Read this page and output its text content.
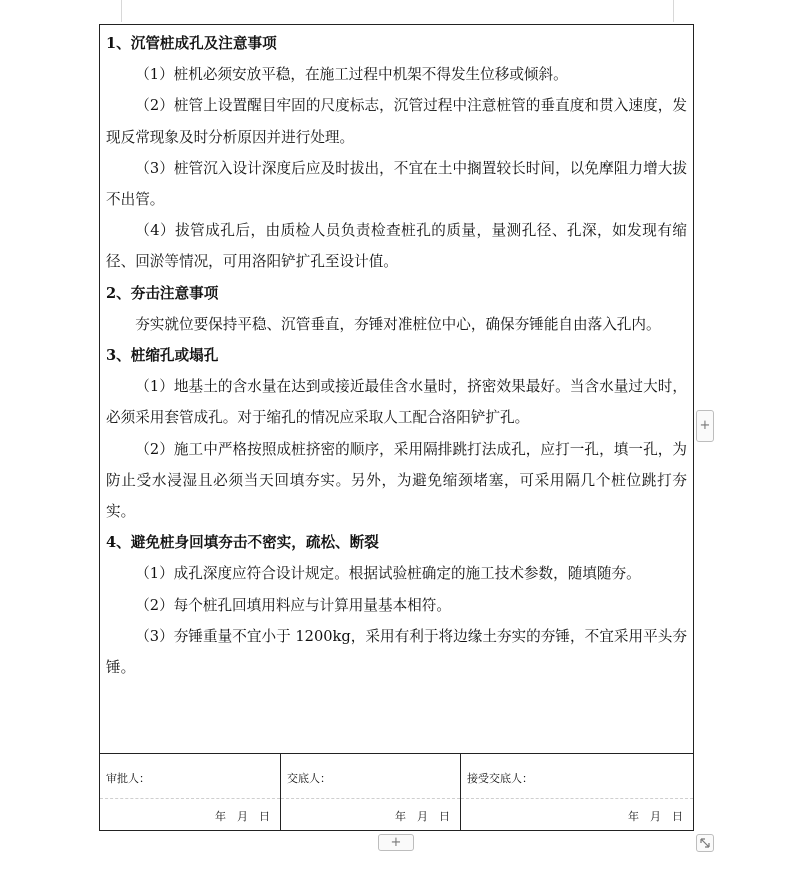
1、沉管桩成孔及注意事项

（1）桩机必须安放平稳，在施工过程中机架不得发生位移或倾斜。

（2）桩管上设置醒目牢固的尺度标志，沉管过程中注意桩管的垂直度和贯入速度，发现反常现象及时分析原因并进行处理。

（3）桩管沉入设计深度后应及时拔出，不宜在土中搁置较长时间，以免摩阻力增大拔不出管。

（4）拔管成孔后，由质检人员负责检查桩孔的质量，量测孔径、孔深，如发现有缩径、回淤等情况，可用洛阳铲扩孔至设计值。

2、夯击注意事项

夯实就位要保持平稳、沉管垂直，夯锤对准桩位中心，确保夯锤能自由落入孔内。

3、桩缩孔或塌孔

（1）地基土的含水量在达到或接近最佳含水量时，挤密效果最好。当含水量过大时，必须采用套管成孔。对于缩孔的情况应采取人工配合洛阳铲扩孔。

（2）施工中严格按照成桩挤密的顺序，采用隔排跳打法成孔，应打一孔，填一孔，为防止受水浸湿且必须当天回填夯实。另外，为避免缩颈堵塞，可采用隔几个桩位跳打夯实。

4、避免桩身回填夯击不密实，疏松、断裂

（1）成孔深度应符合设计规定。根据试验桩确定的施工技术参数，随填随夯。

（2）每个桩孔回填用料应与计算用量基本相符。

（3）夯锤重量不宜小于 1200kg，采用有利于将边缘土夯实的夯锤，不宜采用平头夯锤。

审批人：
年 月 日
交底人：
年 月 日
接受交底人：
年 月 日
+
+
